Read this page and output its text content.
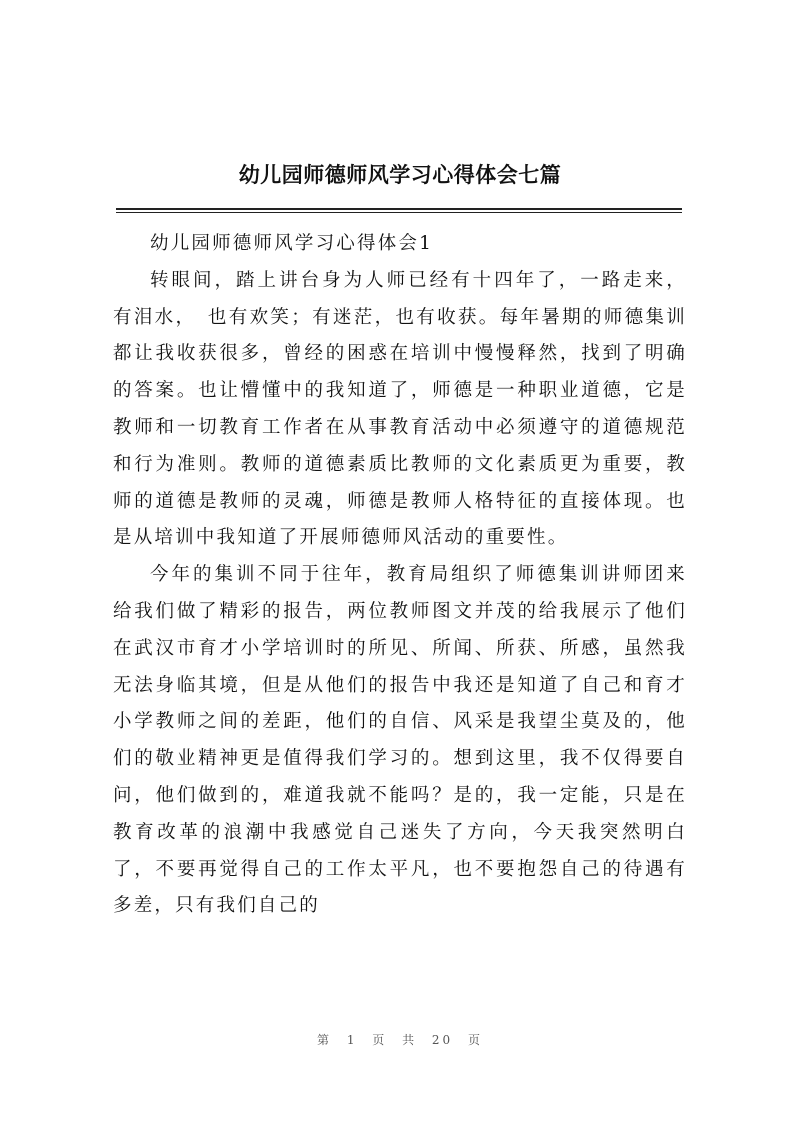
幼儿园师德师风学习心得体会七篇

幼儿园师德师风学习心得体会1

转眼间，踏上讲台身为人师已经有十四年了，一路走来，有泪水，　也有欢笑；有迷茫，也有收获。每年暑期的师德集训都让我收获很多，曾经的困惑在培训中慢慢释然，找到了明确的答案。也让懵懂中的我知道了，师德是一种职业道德，它是教师和一切教育工作者在从事教育活动中必须遵守的道德规范和行为准则。教师的道德素质比教师的文化素质更为重要，教师的道德是教师的灵魂，师德是教师人格特征的直接体现。也是从培训中我知道了开展师德师风活动的重要性。

今年的集训不同于往年，教育局组织了师德集训讲师团来给我们做了精彩的报告，两位教师图文并茂的给我展示了他们在武汉市育才小学培训时的所见、所闻、所获、所感，虽然我无法身临其境，但是从他们的报告中我还是知道了自己和育才小学教师之间的差距，他们的自信、风采是我望尘莫及的，他们的敬业精神更是值得我们学习的。想到这里，我不仅得要自问，他们做到的，难道我就不能吗？是的，我一定能，只是在教育改革的浪潮中我感觉自己迷失了方向，今天我突然明白了，不要再觉得自己的工作太平凡，也不要抱怨自己的待遇有多差，只有我们自己的

第 1 页 共 20 页
